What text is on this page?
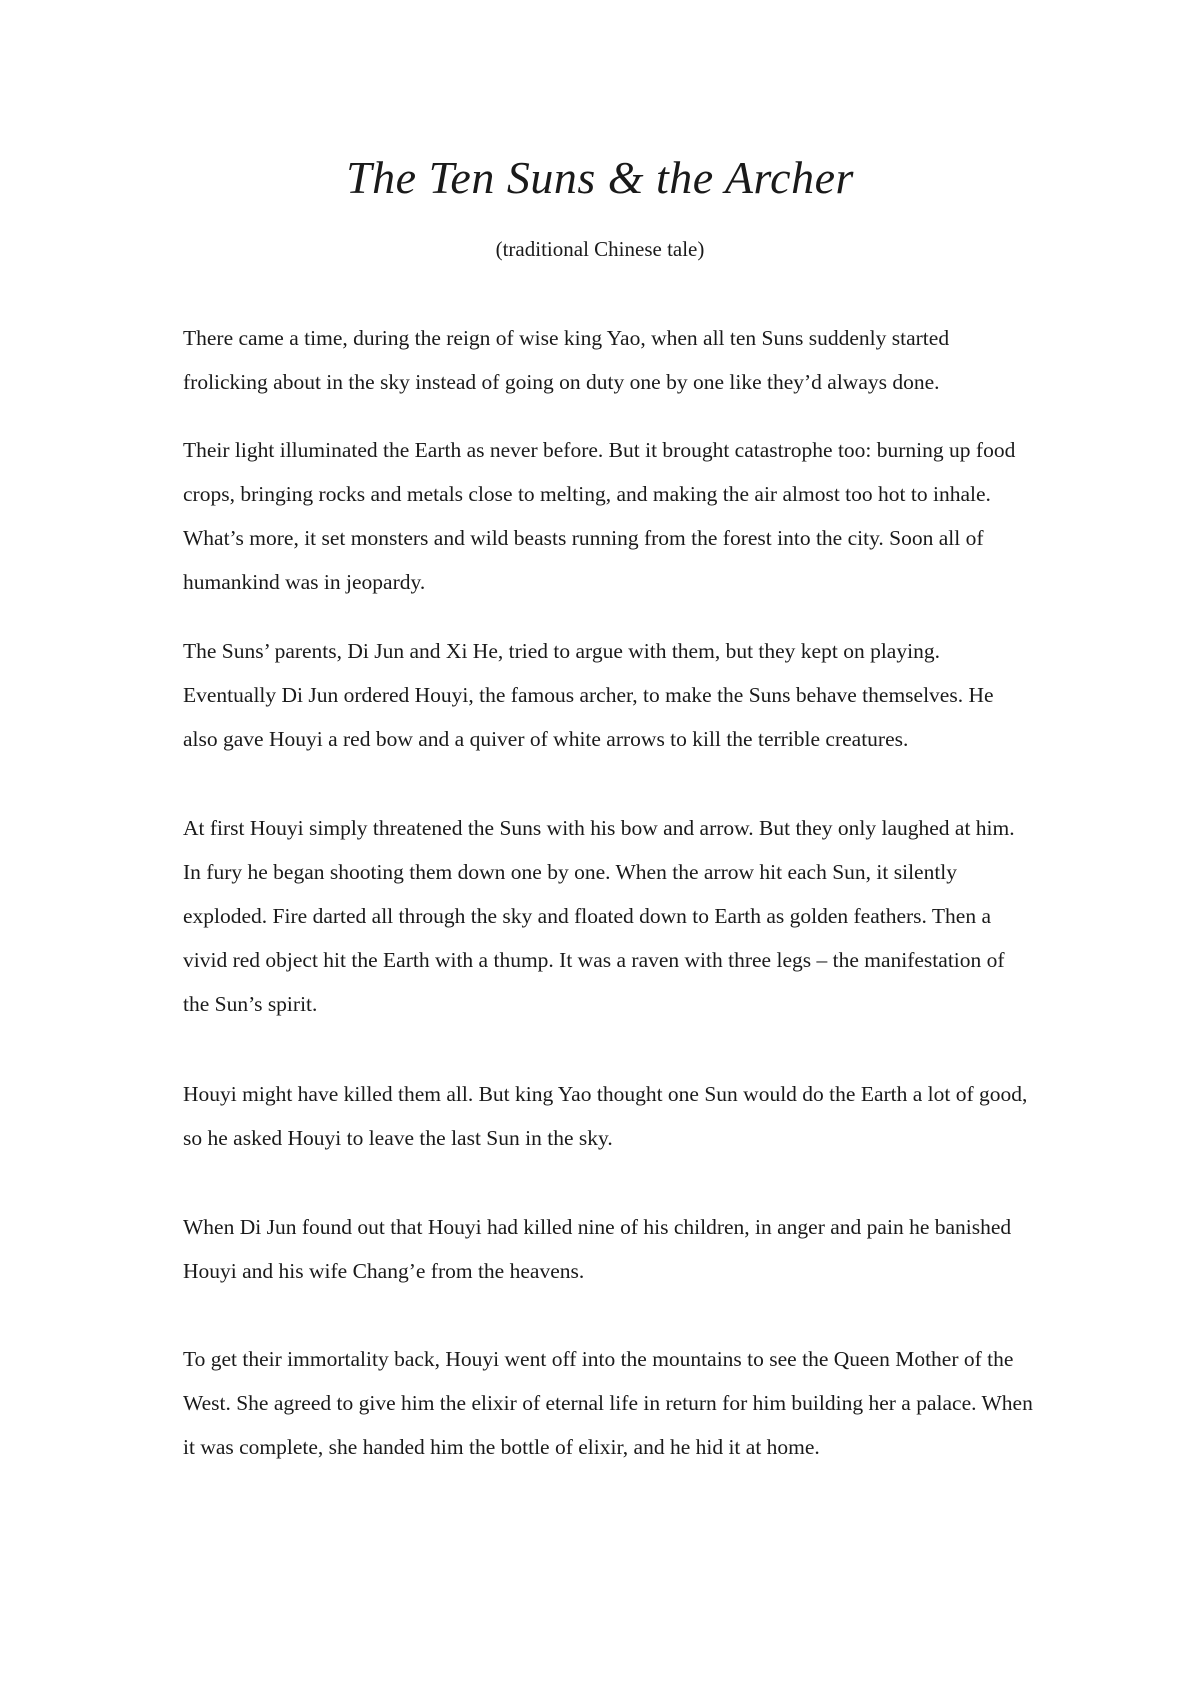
The Ten Suns & the Archer

(traditional Chinese tale)

There came a time, during the reign of wise king Yao, when all ten Suns suddenly started frolicking about in the sky instead of going on duty one by one like they’d always done.

Their light illuminated the Earth as never before. But it brought catastrophe too: burning up food crops, bringing rocks and metals close to melting, and making the air almost too hot to inhale. What’s more, it set monsters and wild beasts running from the forest into the city. Soon all of humankind was in jeopardy.

The Suns’ parents, Di Jun and Xi He, tried to argue with them, but they kept on playing. Eventually Di Jun ordered Houyi, the famous archer, to make the Suns behave themselves. He also gave Houyi a red bow and a quiver of white arrows to kill the terrible creatures.

At first Houyi simply threatened the Suns with his bow and arrow. But they only laughed at him. In fury he began shooting them down one by one. When the arrow hit each Sun, it silently exploded. Fire darted all through the sky and floated down to Earth as golden feathers. Then a vivid red object hit the Earth with a thump. It was a raven with three legs – the manifestation of the Sun’s spirit.

Houyi might have killed them all. But king Yao thought one Sun would do the Earth a lot of good, so he asked Houyi to leave the last Sun in the sky.

When Di Jun found out that Houyi had killed nine of his children, in anger and pain he banished Houyi and his wife Chang’e from the heavens.

To get their immortality back, Houyi went off into the mountains to see the Queen Mother of the West. She agreed to give him the elixir of eternal life in return for him building her a palace. When it was complete, she handed him the bottle of elixir, and he hid it at home.
